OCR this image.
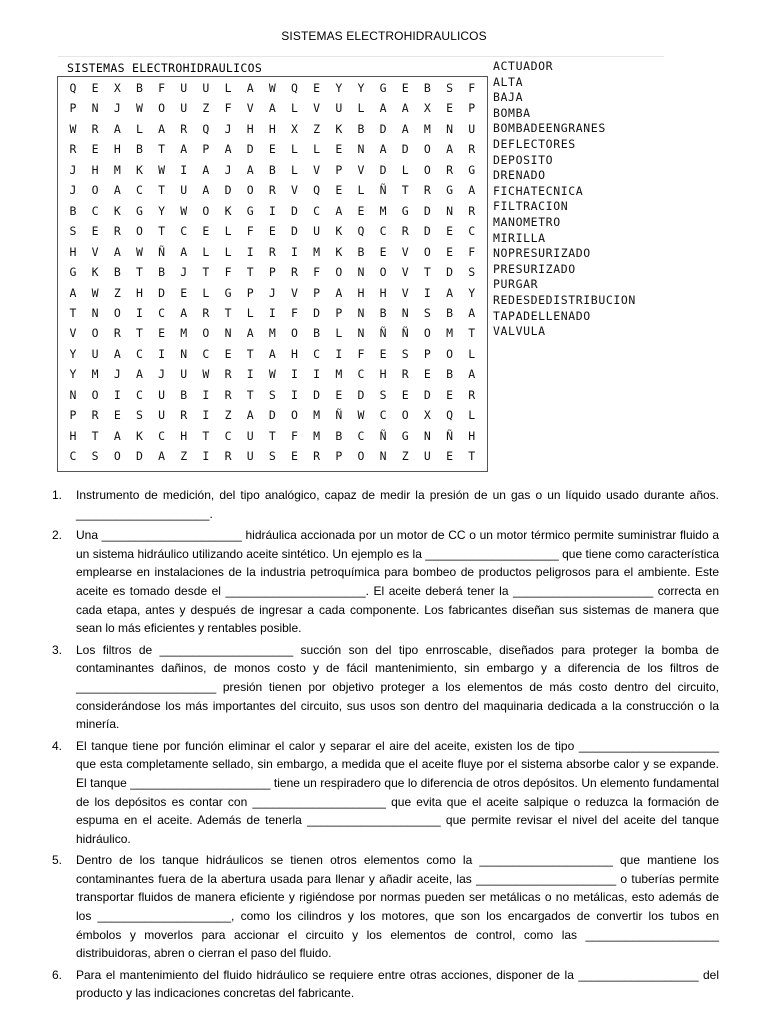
SISTEMAS ELECTROHIDRAULICOS
SISTEMAS ELECTROHIDRAULICOS
Q	E	X	B	F	U	U	L	A	W	Q	E	Y	Y	G	E	B	S	F
P	N	J	W	O	U	Z	F	V	A	L	V	U	L	A	A	X	E	P
W	R	A	L	A	R	Q	J	H	H	X	Z	K	B	D	A	M	N	U
R	E	H	B	T	A	P	A	D	E	L	L	E	N	A	D	O	A	R
J	H	M	K	W	I	A	J	A	B	L	V	P	V	D	L	O	R	G
J	O	A	C	T	U	A	D	O	R	V	Q	E	L	Ñ	T	R	G	A
B	C	K	G	Y	W	O	K	G	I	D	C	A	E	M	G	D	N	R
S	E	R	O	T	C	E	L	F	E	D	U	K	Q	C	R	D	E	C
H	V	A	W	Ñ	A	L	L	I	R	I	M	K	B	E	V	O	E	F
G	K	B	T	B	J	T	F	T	P	R	F	O	N	O	V	T	D	S
A	W	Z	H	D	E	L	G	P	J	V	P	A	H	H	V	I	A	Y
T	N	O	I	C	A	R	T	L	I	F	D	P	N	B	N	S	B	A
V	O	R	T	E	M	O	N	A	M	O	B	L	N	Ñ	Ñ	O	M	T
Y	U	A	C	I	N	C	E	T	A	H	C	I	F	E	S	P	O	L
Y	M	J	A	J	U	W	R	I	W	I	I	M	C	H	R	E	B	A
N	O	I	C	U	B	I	R	T	S	I	D	E	D	S	E	D	E	R
P	R	E	S	U	R	I	Z	A	D	O	M	Ñ	W	C	O	X	Q	L
H	T	A	K	C	H	T	C	U	T	F	M	B	C	Ñ	G	N	Ñ	H
C	S	O	D	A	Z	I	R	U	S	E	R	P	O	N	Z	U	E	T
ACTUADOR
ALTA
BAJA
BOMBA
BOMBADEENGRANES
DEFLECTORES
DEPOSITO
DRENADO
FICHATECNICA
FILTRACION
MANOMETRO
MIRILLA
NOPRESURIZADO
PRESURIZADO
PURGAR
REDESDEDISTRIBUCION
TAPADELLENADO
VALVULA
1.	Instrumento de medición, del tipo analógico, capaz de medir la presión de un gas o un líquido usado durante años. ____________________.
2.	Una _____________________ hidráulica accionada por un motor de CC o un motor térmico permite suministrar fluido a un sistema hidráulico utilizando aceite sintético. Un ejemplo es la ____________________ que tiene como característica emplearse en instalaciones de la industria petroquímica para bombeo de productos peligrosos para el ambiente. Este aceite es tomado desde el _____________________. El aceite deberá tener la _____________________ correcta en cada etapa, antes y después de ingresar a cada componente. Los fabricantes diseñan sus sistemas de manera que sean lo más eficientes y rentables posible.
3.	Los filtros de ____________________ succión son del tipo enrroscable, diseñados para proteger la bomba de contaminantes dañinos, de monos costo y de fácil mantenimiento, sin embargo y a diferencia de los filtros de _____________________ presión tienen por objetivo proteger a los elementos de más costo dentro del circuito, considerándose los más importantes del circuito, sus usos son dentro del maquinaria dedicada a la construcción o la minería.
4.	El tanque tiene por función eliminar el calor y separar el aire del aceite, existen los de tipo _____________________ que esta completamente sellado, sin embargo, a medida que el aceite fluye por el sistema absorbe calor y se expande. El tanque _____________________ tiene un respiradero que lo diferencia de otros depósitos. Un elemento fundamental de los depósitos es contar con ____________________ que evita que el aceite salpique o reduzca la formación de espuma en el aceite. Además de tenerla ____________________ que permite revisar el nivel del aceite del tanque hidráulico.
5.	Dentro de los tanque hidráulicos se tienen otros elementos como la ____________________ que mantiene los contaminantes fuera de la abertura usada para llenar y añadir aceite, las _____________________ o tuberías permite transportar fluidos de manera eficiente y rigiéndose por normas pueden ser metálicas o no metálicas, esto además de los ____________________, como los cilindros y los motores, que son los encargados de convertir los tubos en émbolos y moverlos para accionar el circuito y los elementos de control, como las ____________________ distribuidoras, abren o cierran el paso del fluido.
6.	Para el mantenimiento del fluido hidráulico se requiere entre otras acciones, disponer de la __________________ del producto y las indicaciones concretas del fabricante.
